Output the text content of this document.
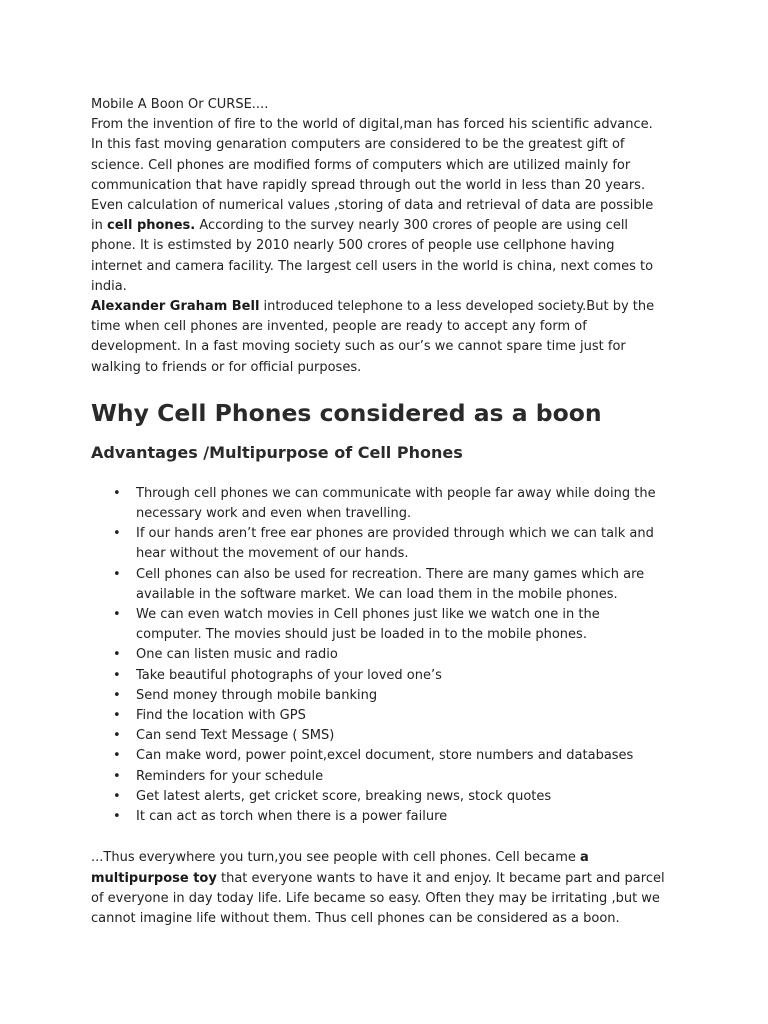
Mobile A Boon Or CURSE....
From the invention of fire to the world of digital,man has forced his scientific advance.
In this fast moving genaration computers are considered to be the greatest gift of
science. Cell phones are modified forms of computers which are utilized mainly for
communication that have rapidly spread through out the world in less than 20 years.
Even calculation of numerical values ,storing of data and retrieval of data are possible
in cell phones. According to the survey nearly 300 crores of people are using cell
phone. It is estimsted by 2010 nearly 500 crores of people use cellphone having
internet and camera facility. The largest cell users in the world is china, next comes to
india.
Alexander Graham Bell introduced telephone to a less developed society.But by the
time when cell phones are invented, people are ready to accept any form of
development. In a fast moving society such as our’s we cannot spare time just for
walking to friends or for official purposes.
Why Cell Phones considered as a boon
Advantages /Multipurpose of Cell Phones
• Through cell phones we can communicate with people far away while doing the
necessary work and even when travelling.
• If our hands aren’t free ear phones are provided through which we can talk and
hear without the movement of our hands.
• Cell phones can also be used for recreation. There are many games which are
available in the software market. We can load them in the mobile phones.
• We can even watch movies in Cell phones just like we watch one in the
computer. The movies should just be loaded in to the mobile phones.
• One can listen music and radio
• Take beautiful photographs of your loved one’s
• Send money through mobile banking
• Find the location with GPS
• Can send Text Message ( SMS)
• Can make word, power point,excel document, store numbers and databases
• Reminders for your schedule
• Get latest alerts, get cricket score, breaking news, stock quotes
• It can act as torch when there is a power failure
...Thus everywhere you turn,you see people with cell phones. Cell became a
multipurpose toy that everyone wants to have it and enjoy. It became part and parcel
of everyone in day today life. Life became so easy. Often they may be irritating ,but we
cannot imagine life without them. Thus cell phones can be considered as a boon.
